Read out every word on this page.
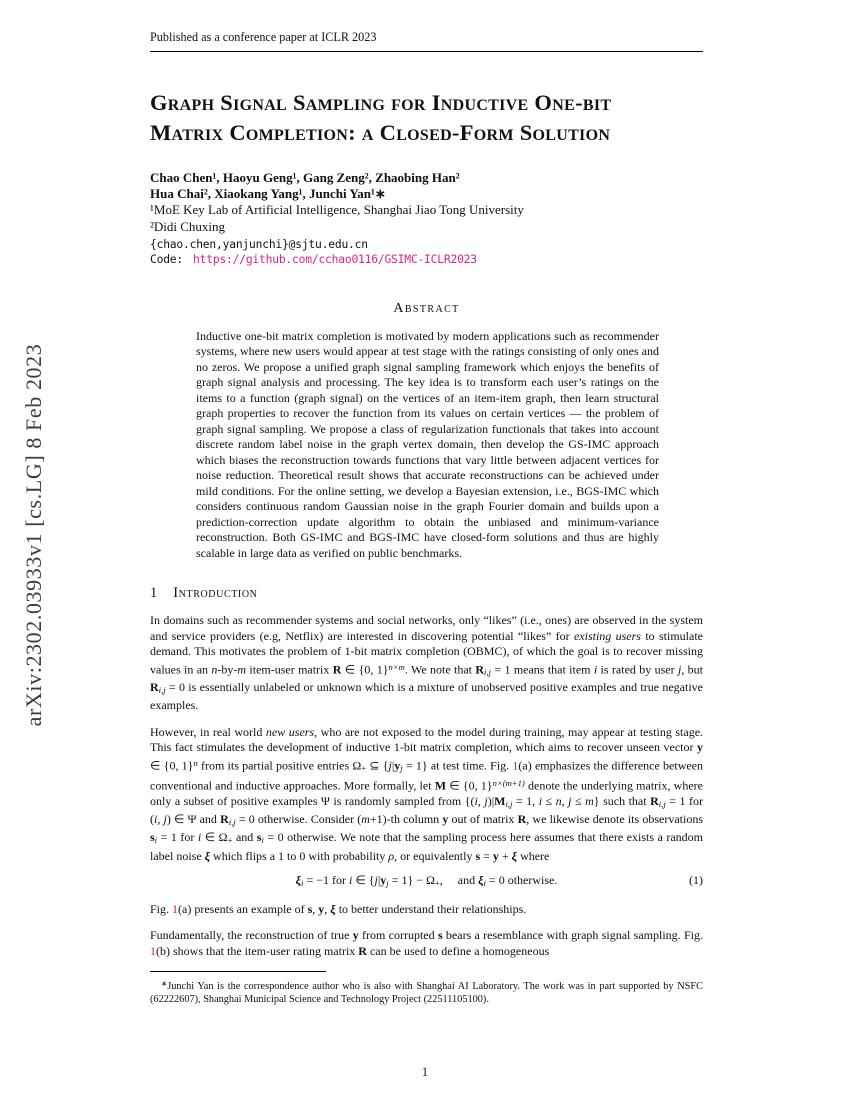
arXiv:2302.03933v1 [cs.LG] 8 Feb 2023
Published as a conference paper at ICLR 2023
Graph Signal Sampling for Inductive One-bit
Matrix Completion: a Closed-Form Solution
Chao Chen¹, Haoyu Geng¹, Gang Zeng², Zhaobing Han²
Hua Chai², Xiaokang Yang¹, Junchi Yan¹∗
¹MoE Key Lab of Artificial Intelligence, Shanghai Jiao Tong University
²Didi Chuxing
{chao.chen,yanjunchi}@sjtu.edu.cn
Code: https://github.com/cchao0116/GSIMC-ICLR2023
Abstract

Inductive one-bit matrix completion is motivated by modern applications such as recommender systems, where new users would appear at test stage with the ratings consisting of only ones and no zeros. We propose a unified graph signal sampling framework which enjoys the benefits of graph signal analysis and processing. The key idea is to transform each user’s ratings on the items to a function (graph signal) on the vertices of an item-item graph, then learn structural graph properties to recover the function from its values on certain vertices — the problem of graph signal sampling. We propose a class of regularization functionals that takes into account discrete random label noise in the graph vertex domain, then develop the GS-IMC approach which biases the reconstruction towards functions that vary little between adjacent vertices for noise reduction. Theoretical result shows that accurate reconstructions can be achieved under mild conditions. For the online setting, we develop a Bayesian extension, i.e., BGS-IMC which considers continuous random Gaussian noise in the graph Fourier domain and builds upon a prediction-correction update algorithm to obtain the unbiased and minimum-variance reconstruction. Both GS-IMC and BGS-IMC have closed-form solutions and thus are highly scalable in large data as verified on public benchmarks.

1 Introduction

In domains such as recommender systems and social networks, only “likes” (i.e., ones) are observed in the system and service providers (e.g, Netflix) are interested in discovering potential “likes” for existing users to stimulate demand. This motivates the problem of 1-bit matrix completion (OBMC), of which the goal is to recover missing values in an n-by-m item-user matrix R ∈ {0, 1}$^{n\times m}$. We note that Ri,j = 1 means that item i is rated by user j, but Ri,j = 0 is essentially unlabeled or unknown which is a mixture of unobserved positive examples and true negative examples.

However, in real world new users, who are not exposed to the model during training, may appear at testing stage. This fact stimulates the development of inductive 1-bit matrix completion, which aims to recover unseen vector y ∈ {0, 1}$^n$ from its partial positive entries Ω+ ⊆ {j|yj = 1} at test time. Fig. 1(a) emphasizes the difference between conventional and inductive approaches. More formally, let M ∈ {0, 1}$^{n\times(m+1)}$ denote the underlying matrix, where only a subset of positive examples Ψ is randomly sampled from {(i, j)|Mi,j = 1, i ≤ n, j ≤ m} such that Ri,j = 1 for (i, j) ∈ Ψ and Ri,j = 0 otherwise. Consider (m+1)-th column y out of matrix R, we likewise denote its observations si = 1 for i ∈ Ω+ and si = 0 otherwise. We note that the sampling process here assumes that there exists a random label noise ξ which flips a 1 to 0 with probability ρ, or equivalently s = y + ξ where

ξi = −1 for i ∈ {j|yj = 1} − Ω+,  and ξi = 0 otherwise.	(1)

Fig. 1(a) presents an example of s, y, ξ to better understand their relationships.

Fundamentally, the reconstruction of true y from corrupted s bears a resemblance with graph signal sampling. Fig. 1(b) shows that the item-user rating matrix R can be used to define a homogeneous

∗Junchi Yan is the correspondence author who is also with Shanghai AI Laboratory. The work was in part supported by NSFC (62222607), Shanghai Municipal Science and Technology Project (22511105100).

1
